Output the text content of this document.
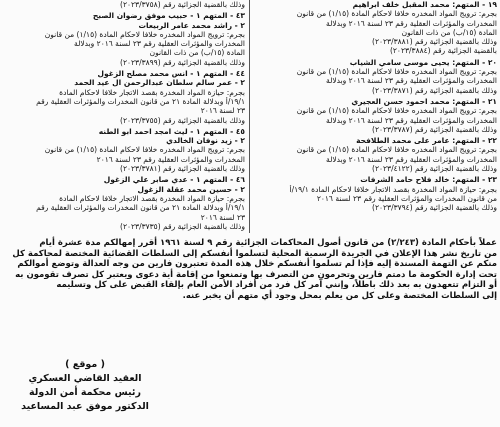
١٩ - المتهم: محمد المقبل خلف ابراهيم

بجرم: ترويج المواد المخدره خلافا لاحكام المادة (١/١٥) من قانون

المخدرات والمؤثرات العقلية رقم ٢٣ لسنة ٢٠١٦ وبدلالة

المادة (١٥/ب) من ذات القانون

وذلك بالقضية الجزائية رقم (٢٠٢٣/٣٨٨١)

بالقضية الجزائية رقم (٢٠٢٣/٣٨٨٤)

٢٠ - المتهم: يحيى موسى سامي الشياب

بجرم: ترويج المواد المخدره خلافا لاحكام المادة (١/١٥) من قانون

المخدرات والمؤثرات العقلية رقم ٢٣ لسنة ٢٠١٦ وبدلالة

وذلك بالقضية الجزائية رقم (٢٠٢٣/٣٨٧١)

٢١ - المتهم: محمد احمود حسن العجيري

بجرم: ترويج المواد المخدره خلافا لاحكام المادة (١/١٥) من قانون

المخدرات والمؤثرات العقلية رقم ٢٣ لسنة ٢٠١٦ وبدلالة

وذلك بالقضية الجزائية رقم (٢٠٢٣/٣٧٨٧)

٢٢ - المتهم: عامر على محمد الطلافحة

بجرم: ترويج المواد المخدره خلافا لاحكام المادة (١/١٥) من قانون

المخدرات والمؤثرات العقلية رقم ٢٣ لسنة ٢٠١٦ وبدلالة

وذلك بالقضية الجزائية رقم (٢٠٢٣/٤١٢٢)

٢٣ - المتهم: خالد فلاح حامد الشرفات

بجرم: حيازة المواد المخدرة بقصد الاتجار خلافا لاحكام المادة ١٩/١/أ

من قانون المخدرات والمؤثرات العقلية رقم ٢٣ لسنة ٢٠١٦

وذلك بالقضية الجزائية رقم (٢٠٢٣/٣٧٩٤)

وذلك بالقضية الجزائية رقم (٢٠٢٣/٣٧٥٨)

٤٣ - المتهم ١ - حبيب موفق رضوان الصبح

٢ - راشد محمد عامر الربيعات

بجرم: ترويج المواد المخدره خلافا لاحكام المادة (١/١٥) من قانون

المخدرات والمؤثرات العقلية رقم ٢٣ لسنة ٢٠١٦ وبدلالة

المادة (١٥/ب) من ذات القانون

وذلك بالقضية الجزائية رقم (٢٠٢٣/٣٨٩٩)

٤٤ - المتهم ١ - انس محمد مصلح الزغول

٢ - عمر سالم سلطان عبدالرحمن ال عيد الحمد

بجرم: حيازة المواد المخدرة بقصد الاتجار خلافا لاحكام المادة

١٩/١/أ وبدلالة المادة ٢١ من قانون المخدرات والمؤثرات العقلية رقم

٢٣ لسنة ٢٠١٦

وذلك بالقضية الجزائية رقم (٢٠٢٣/٣٧٥٥)

٤٥ - المتهم ١ - ليث امجد احمد ابو الطنه

٢ - زيد نوفان الخالدي

بجرم: ترويج المواد المخدره خلافا لاحكام المادة (١/١٥) من قانون

المخدرات والمؤثرات العقلية رقم ٢٣ لسنة ٢٠١٦

وذلك بالقضية الجزائية رقم (٢٠٢٣/٣٧٨١)

٤٦ - المتهم ١ - عدي صابر علي الزغول

٢ - حسين محمد عقلة الزغول

بجرم: حيازة المواد المخدرة بقصد الاتجار خلافا لاحكام المادة

١٩/١/أ وبدلالة المادة ٢١ من قانون المخدرات والمؤثرات العقلية رقم

٢٣ لسنة ٢٠١٦

وذلك بالقضية الجزائية رقم (٢٠٢٣/٣٧٣٥)

عملاً بأحكام المادة (٢/٢٤٣) من قانون أصول المحاكمات الجزائية رقم ٩ لسنة ١٩٦١ أقرر إمهالكم مدة عشرة أيام

من تاريخ نشر هذا الإعلان في الجريدة الرسمية المحلية لتسلموا أنفسكم إلى السلطات القضائية المختصة لمحاكمة كل

منكم عن التهمة المسندة إليه فإذا لم تسلموا أنفسكم خلال هذه المدة تعتبرون فارين من وجه العدالة وتوضع أموالكم

تحت إدارة الحكومة ما دمتم فارين وتحرمون من التصرف بها وتمنعوا من إقامة أية دعوى ويعتبر كل تصرف تقومون به

أو التزام تتعهدون به بعد ذلك باطلاً، وإنني آمر كل فرد من أفراد الأمن العام بإلقاء القبض على كل وتسليمه

إلى السلطات المختصة وعلى كل من يعلم بمحل وجود أي متهم أن يخبر عنه.

( موقع )

العقيد القاضي العسكري

رئيس محكمة أمن الدولة

الدكتور موفق عبد المساعيد
